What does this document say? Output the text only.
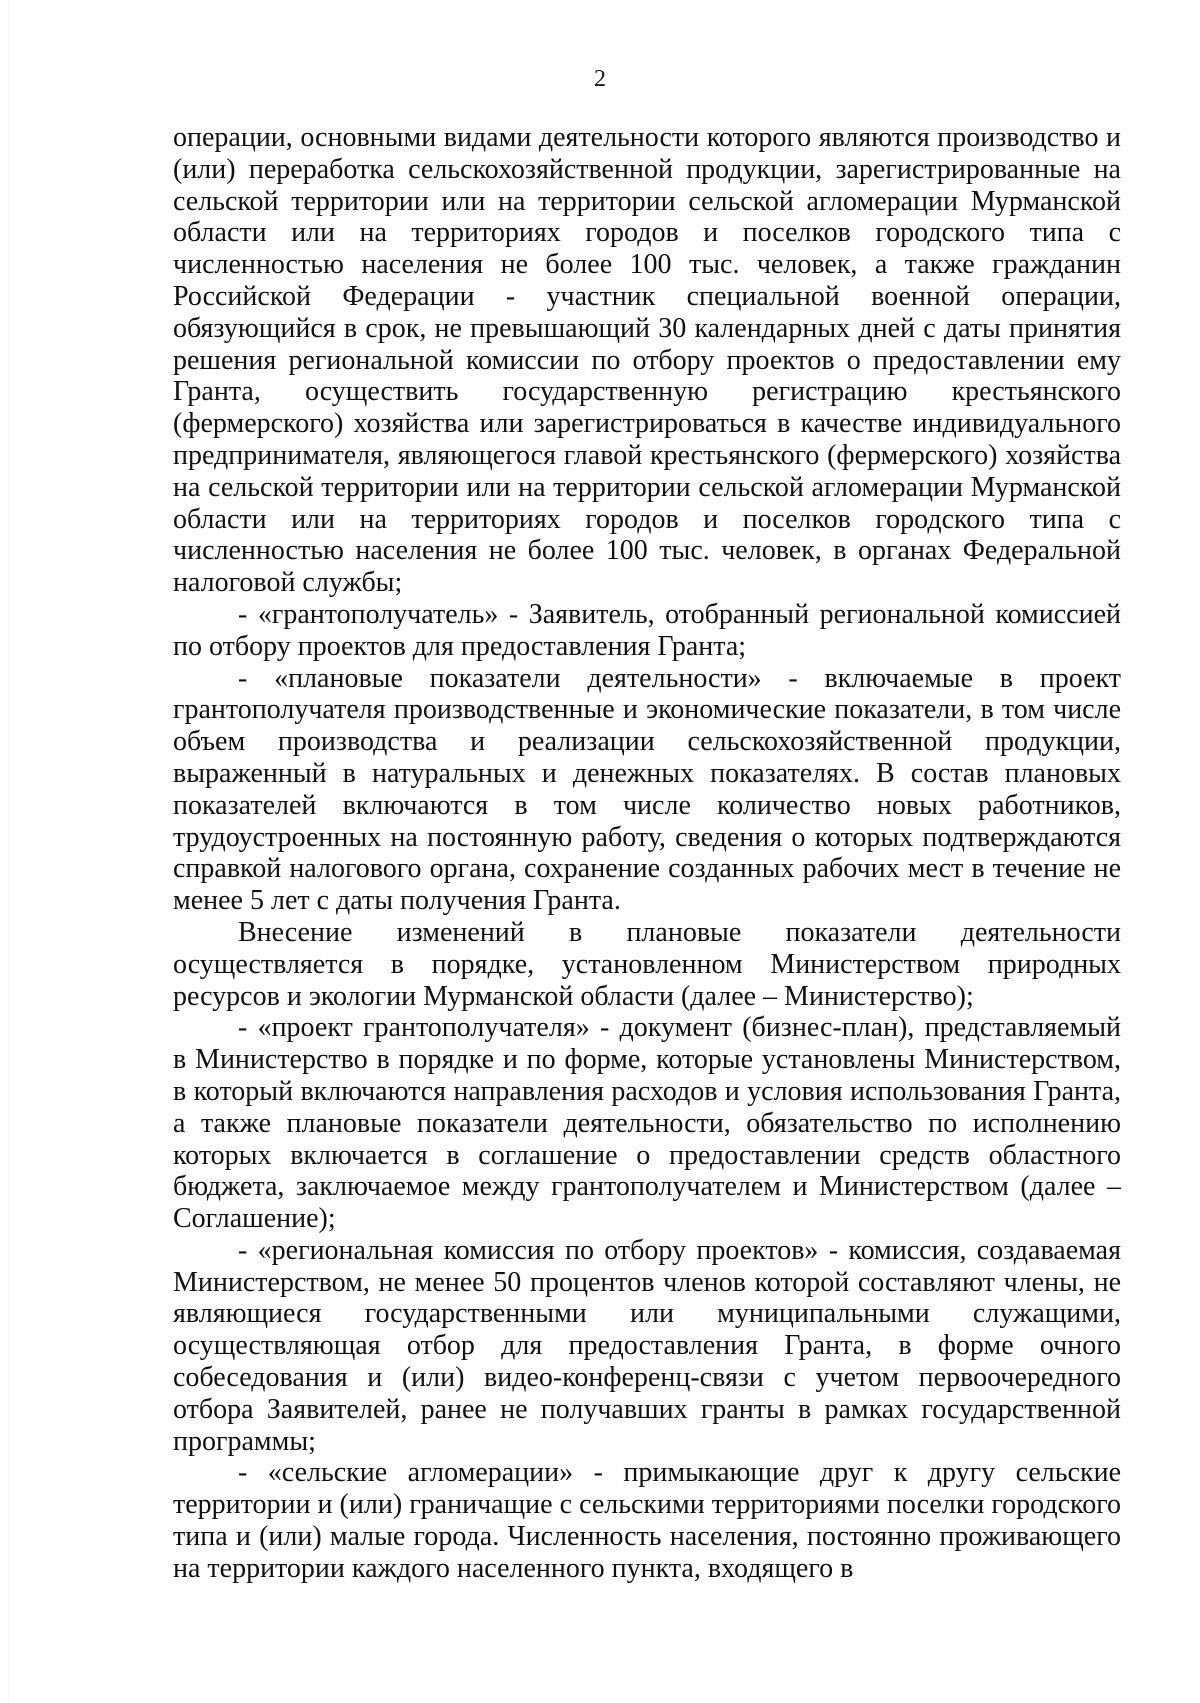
2

операции, основными видами деятельности которого являются производство и (или) переработка сельскохозяйственной продукции, зарегистрированные на сельской территории или на территории сельской агломерации Мурманской области или на территориях городов и поселков городского типа с численностью населения не более 100 тыс. человек, а также гражданин Российской Федерации - участник специальной военной операции, обязующийся в срок, не превышающий 30 календарных дней с даты принятия решения региональной комиссии по отбору проектов о предоставлении ему Гранта, осуществить государственную регистрацию крестьянского (фермерского) хозяйства или зарегистрироваться в качестве индивидуального предпринимателя, являющегося главой крестьянского (фермерского) хозяйства на сельской территории или на территории сельской агломерации Мурманской области или на территориях городов и поселков городского типа с численностью населения не более 100 тыс. человек, в органах Федеральной налоговой службы;

- «грантополучатель» - Заявитель, отобранный региональной комиссией по отбору проектов для предоставления Гранта;

- «плановые показатели деятельности» - включаемые в проект грантополучателя производственные и экономические показатели, в том числе объем производства и реализации сельскохозяйственной продукции, выраженный в натуральных и денежных показателях. В состав плановых показателей включаются в том числе количество новых работников, трудоустроенных на постоянную работу, сведения о которых подтверждаются справкой налогового органа, сохранение созданных рабочих мест в течение не менее 5 лет с даты получения Гранта.

Внесение изменений в плановые показатели деятельности осуществляется в порядке, установленном Министерством природных ресурсов и экологии Мурманской области (далее – Министерство);

- «проект грантополучателя» - документ (бизнес-план), представляемый в Министерство в порядке и по форме, которые установлены Министерством, в который включаются направления расходов и условия использования Гранта, а также плановые показатели деятельности, обязательство по исполнению которых включается в соглашение о предоставлении средств областного бюджета, заключаемое между грантополучателем и Министерством (далее – Соглашение);

- «региональная комиссия по отбору проектов» - комиссия, создаваемая Министерством, не менее 50 процентов членов которой составляют члены, не являющиеся государственными или муниципальными служащими, осуществляющая отбор для предоставления Гранта, в форме очного собеседования и (или) видео-конференц-связи с учетом первоочередного отбора Заявителей, ранее не получавших гранты в рамках государственной программы;

- «сельские агломерации» - примыкающие друг к другу сельские территории и (или) граничащие с сельскими территориями поселки городского типа и (или) малые города. Численность населения, постоянно проживающего на территории каждого населенного пункта, входящего в
